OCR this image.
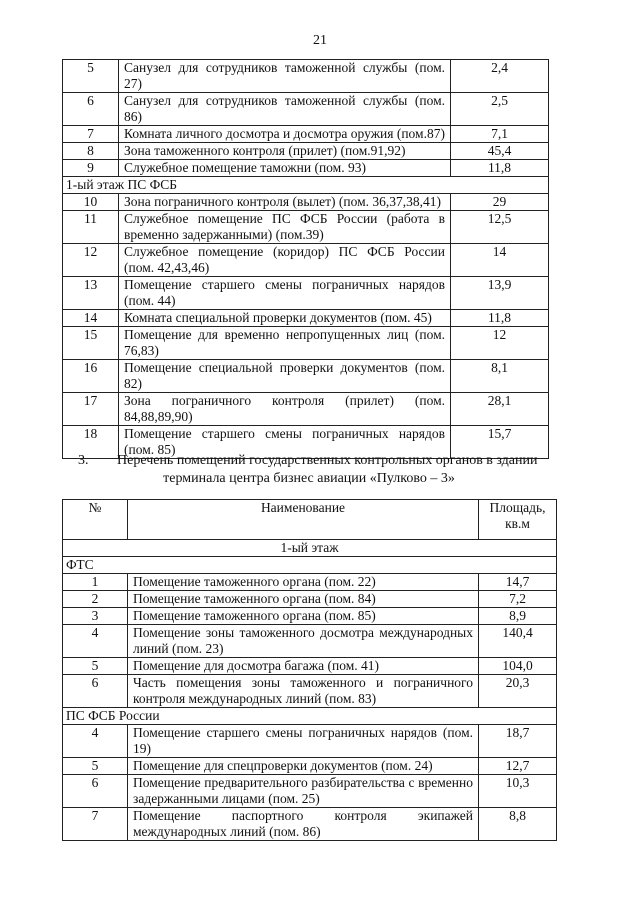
21
5	Санузел для сотрудников таможенной службы (пом. 27)	2,4
6	Санузел для сотрудников таможенной службы (пом. 86)	2,5
7	Комната личного досмотра и досмотра оружия (пом.87)	7,1
8	Зона таможенного контроля (прилет) (пом.91,92)	45,4
9	Служебное помещение таможни (пом. 93)	11,8
1-ый этаж ПС ФСБ		
10	Зона пограничного контроля (вылет) (пом. 36,37,38,41)	29
11	Служебное помещение ПС ФСБ России (работа в временно задержанными) (пом.39)	12,5
12	Служебное помещение (коридор) ПС ФСБ России (пом. 42,43,46)	14
13	Помещение старшего смены пограничных нарядов (пом. 44)	13,9
14	Комната специальной проверки документов (пом. 45)	11,8
15	Помещение для временно непропущенных лиц (пом. 76,83)	12
16	Помещение специальной проверки документов (пом. 82)	8,1
17	Зона пограничного контроля (прилет) (пом. 84,88,89,90)	28,1
18	Помещение старшего смены пограничных нарядов (пом. 85)	15,7
3. Перечень помещений государственных контрольных органов в здании
терминала центра бизнес авиации «Пулково – 3»
№	Наименование	Площадь, кв.м
1-ый этаж		
ФТС		
1	Помещение таможенного органа (пом. 22)	14,7
2	Помещение таможенного органа (пом. 84)	7,2
3	Помещение таможенного органа (пом. 85)	8,9
4	Помещение зоны таможенного досмотра международных линий (пом. 23)	140,4
5	Помещение для досмотра багажа (пом. 41)	104,0
6	Часть помещения зоны таможенного и пограничного контроля международных линий (пом. 83)	20,3
ПС ФСБ России		
4	Помещение старшего смены пограничных нарядов (пом. 19)	18,7
5	Помещение для спецпроверки документов (пом. 24)	12,7
6	Помещение предварительного разбирательства с временно задержанными лицами (пом. 25)	10,3
7	Помещение паспортного контроля экипажей международных линий (пом. 86)	8,8
